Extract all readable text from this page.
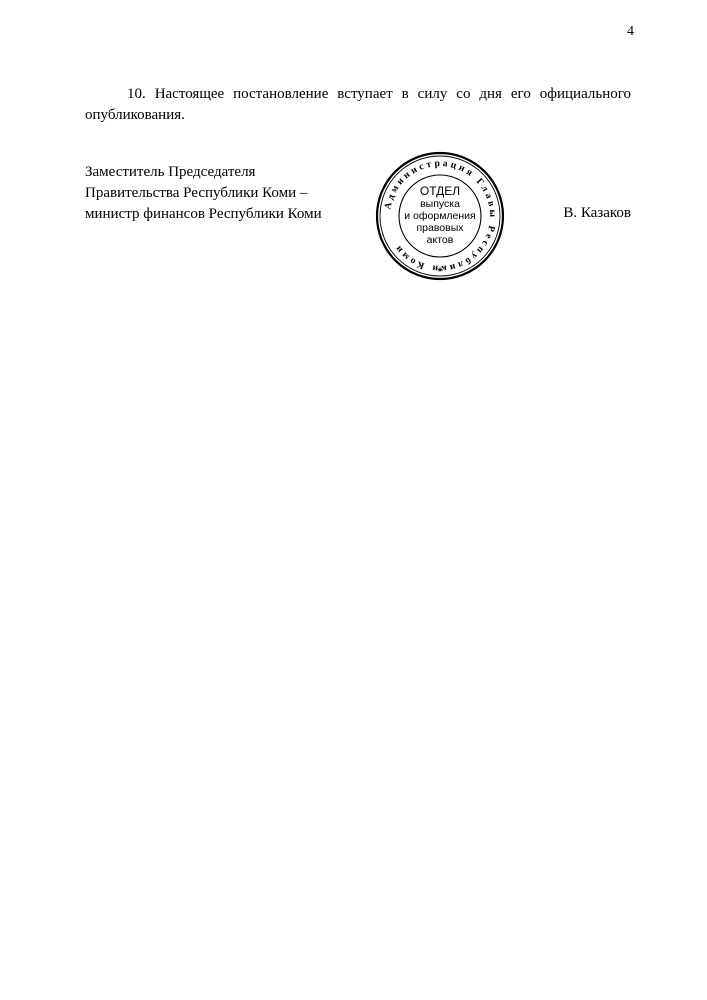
4

10. Настоящее постановление вступает в силу со дня его официального опубликования.

Заместитель Председателя
Правительства Республики Коми –
министр финансов Республики Коми
Администрация Главы Республики Коми
ОТДЕЛ
выпуска
и оформления
правовых
актов
*
В. Казаков
